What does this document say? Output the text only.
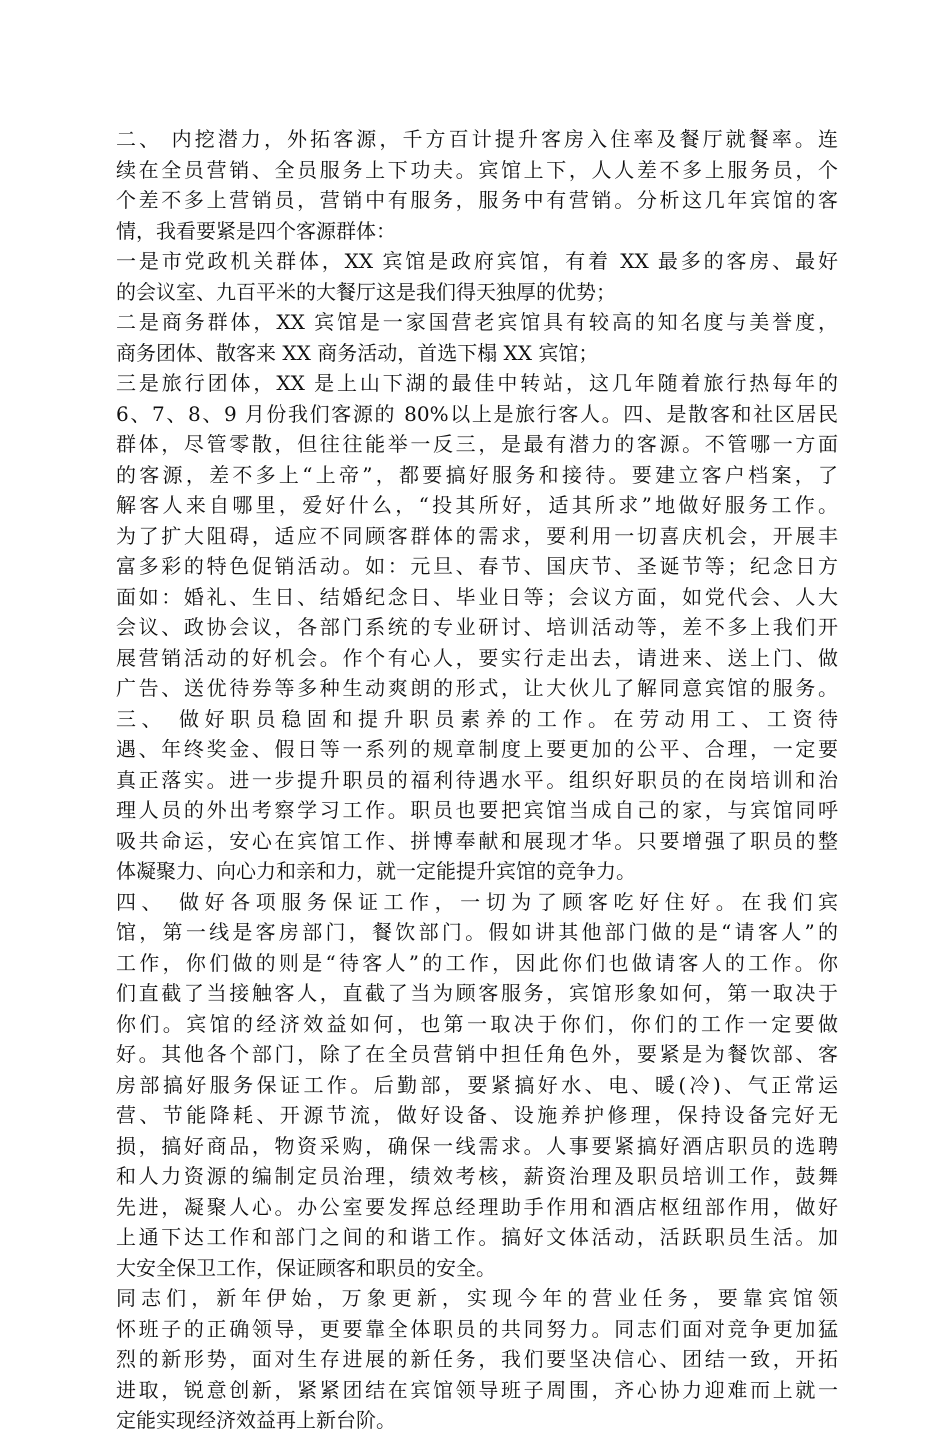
二、 内挖潜力，外拓客源，千方百计提升客房入住率及餐厅就餐率。连
续在全员营销、全员服务上下功夫。宾馆上下，人人差不多上服务员，个
个差不多上营销员，营销中有服务，服务中有营销。分析这几年宾馆的客
情，我看要紧是四个客源群体：
一是市党政机关群体，XX 宾馆是政府宾馆，有着 XX 最多的客房、最好
的会议室、九百平米的大餐厅这是我们得天独厚的优势；
二是商务群体，XX 宾馆是一家国营老宾馆具有较高的知名度与美誉度，
商务团体、散客来 XX 商务活动，首选下榻 XX 宾馆；
三是旅行团体，XX 是上山下湖的最佳中转站，这几年随着旅行热每年的
6、7、8、9 月份我们客源的 80%以上是旅行客人。四、是散客和社区居民
群体，尽管零散，但往往能举一反三，是最有潜力的客源。不管哪一方面
的客源，差不多上“上帝”，都要搞好服务和接待。要建立客户档案，了
解客人来自哪里，爱好什么，“投其所好，适其所求”地做好服务工作。
为了扩大阻碍，适应不同顾客群体的需求，要利用一切喜庆机会，开展丰
富多彩的特色促销活动。如：元旦、春节、国庆节、圣诞节等；纪念日方
面如：婚礼、生日、结婚纪念日、毕业日等；会议方面，如党代会、人大
会议、政协会议，各部门系统的专业研讨、培训活动等，差不多上我们开
展营销活动的好机会。作个有心人，要实行走出去，请进来、送上门、做
广告、送优待券等多种生动爽朗的形式，让大伙儿了解同意宾馆的服务。
三、 做好职员稳固和提升职员素养的工作。在劳动用工、工资待
遇、年终奖金、假日等一系列的规章制度上要更加的公平、合理，一定要
真正落实。进一步提升职员的福利待遇水平。组织好职员的在岗培训和治
理人员的外出考察学习工作。职员也要把宾馆当成自己的家，与宾馆同呼
吸共命运，安心在宾馆工作、拼博奉献和展现才华。只要增强了职员的整
体凝聚力、向心力和亲和力，就一定能提升宾馆的竞争力。
四、 做好各项服务保证工作，一切为了顾客吃好住好。在我们宾
馆，第一线是客房部门，餐饮部门。假如讲其他部门做的是“请客人”的
工作，你们做的则是“待客人”的工作，因此你们也做请客人的工作。你
们直截了当接触客人，直截了当为顾客服务，宾馆形象如何，第一取决于
你们。宾馆的经济效益如何，也第一取决于你们，你们的工作一定要做
好。其他各个部门，除了在全员营销中担任角色外，要紧是为餐饮部、客
房部搞好服务保证工作。后勤部，要紧搞好水、电、暖(冷)、气正常运
营、节能降耗、开源节流，做好设备、设施养护修理，保持设备完好无
损，搞好商品，物资采购，确保一线需求。人事要紧搞好酒店职员的选聘
和人力资源的编制定员治理，绩效考核，薪资治理及职员培训工作，鼓舞
先进，凝聚人心。办公室要发挥总经理助手作用和酒店枢纽部作用，做好
上通下达工作和部门之间的和谐工作。搞好文体活动，活跃职员生活。加
大安全保卫工作，保证顾客和职员的安全。
同志们，新年伊始，万象更新，实现今年的营业任务，要靠宾馆领
怀班子的正确领导，更要靠全体职员的共同努力。同志们面对竞争更加猛
烈的新形势，面对生存进展的新任务，我们要坚决信心、团结一致，开拓
进取，锐意创新，紧紧团结在宾馆领导班子周围，齐心协力迎难而上就一
定能实现经济效益再上新台阶。
